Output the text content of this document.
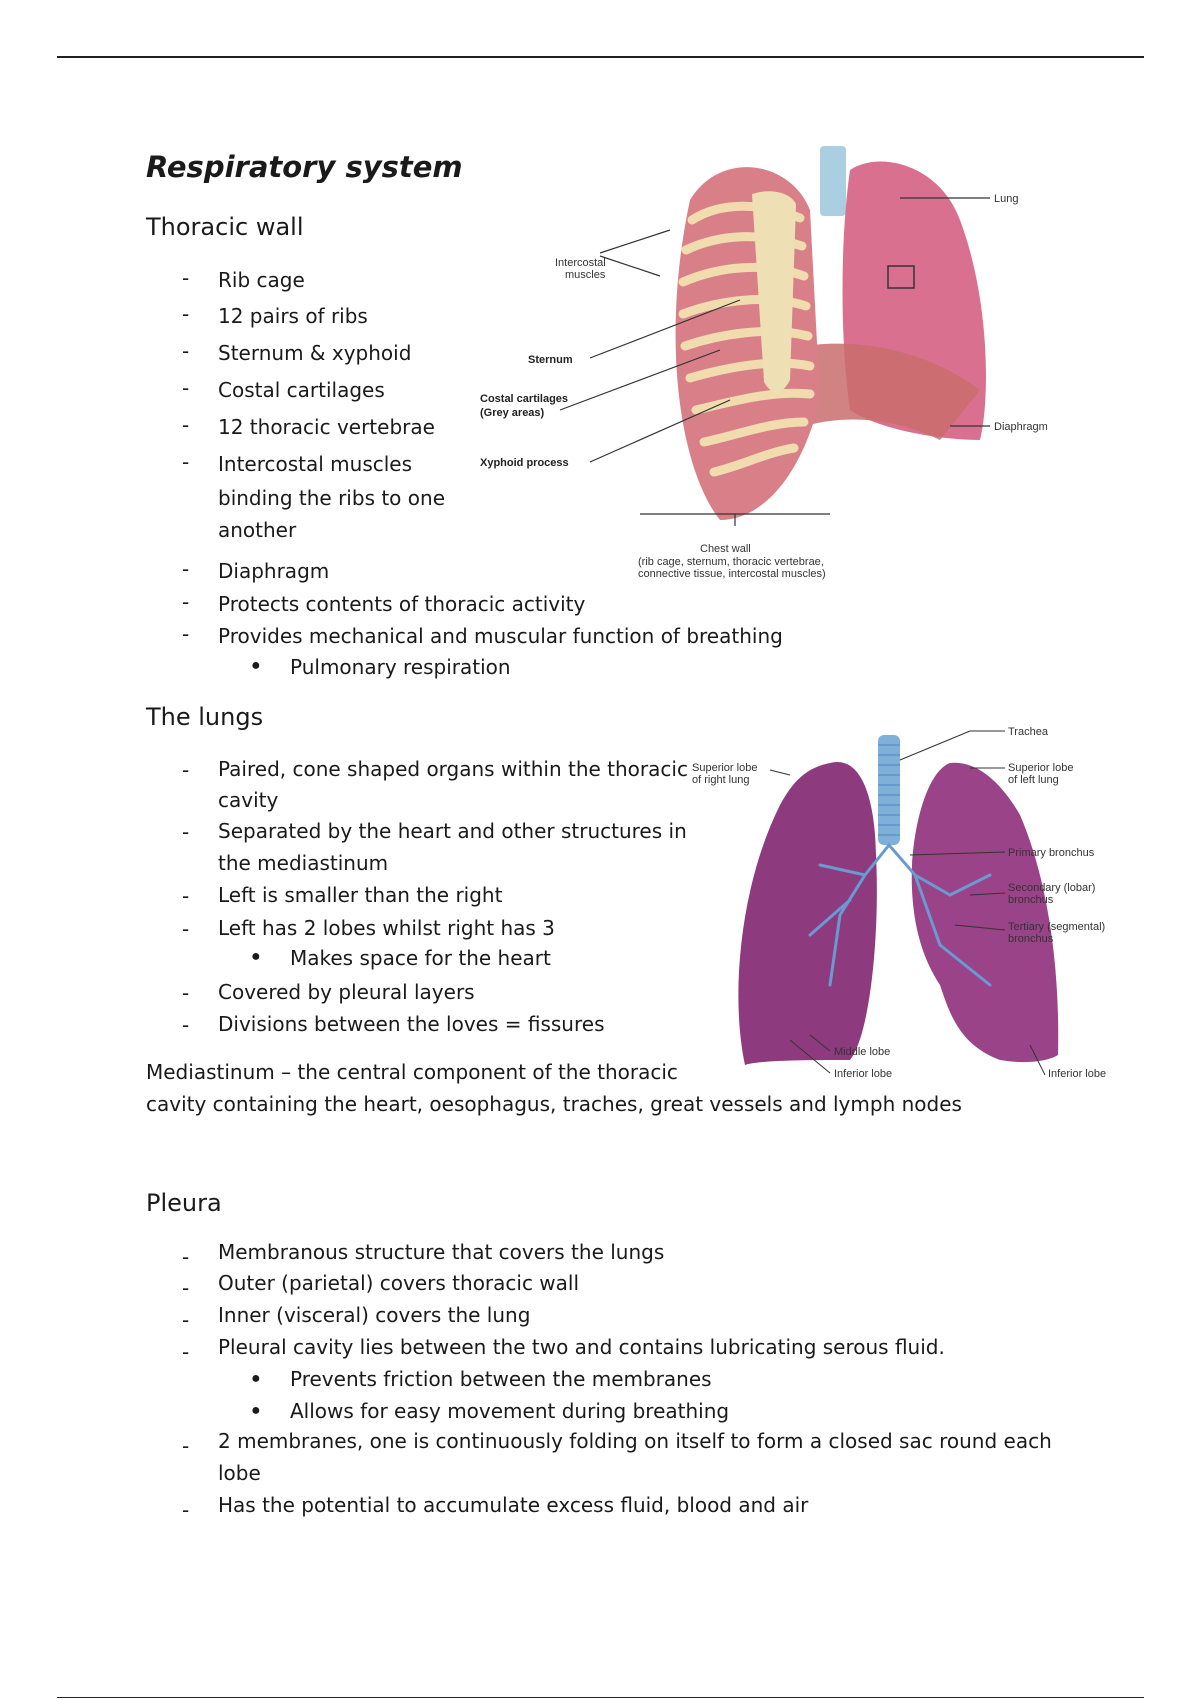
Respiratory system
Thoracic wall
- Rib cage
- 12 pairs of ribs
- Sternum & xyphoid
- Costal cartilages
- 12 thoracic vertebrae
- Intercostal muscles
binding the ribs to one
another
- Diaphragm
- Protects contents of thoracic activity
- Provides mechanical and muscular function of breathing
● Pulmonary respiration
Lung
Intercostal
muscles
Sternum
Costal cartilages
(Grey areas)
Xyphoid process
Diaphragm
Chest wall
(rib cage, sternum, thoracic vertebrae,
connective tissue, intercostal muscles)
The lungs
- Paired, cone shaped organs within the thoracic
cavity
- Separated by the heart and other structures in
the mediastinum
- Left is smaller than the right
- Left has 2 lobes whilst right has 3
● Makes space for the heart
- Covered by pleural layers
- Divisions between the loves = fissures
Mediastinum – the central component of the thoracic
cavity containing the heart, oesophagus, traches, great vessels and lymph nodes
Trachea
Superior lobe
of right lung
Superior lobe
of left lung
Primary bronchus
Secondary (lobar)
bronchus
Tertiary (segmental)
bronchus
Middle lobe
Inferior lobe	Inferior lobe
Pleura
- Membranous structure that covers the lungs
- Outer (parietal) covers thoracic wall
- Inner (visceral) covers the lung
- Pleural cavity lies between the two and contains lubricating serous fluid.
● Prevents friction between the membranes
● Allows for easy movement during breathing
- 2 membranes, one is continuously folding on itself to form a closed sac round each
lobe
- Has the potential to accumulate excess fluid, blood and air
